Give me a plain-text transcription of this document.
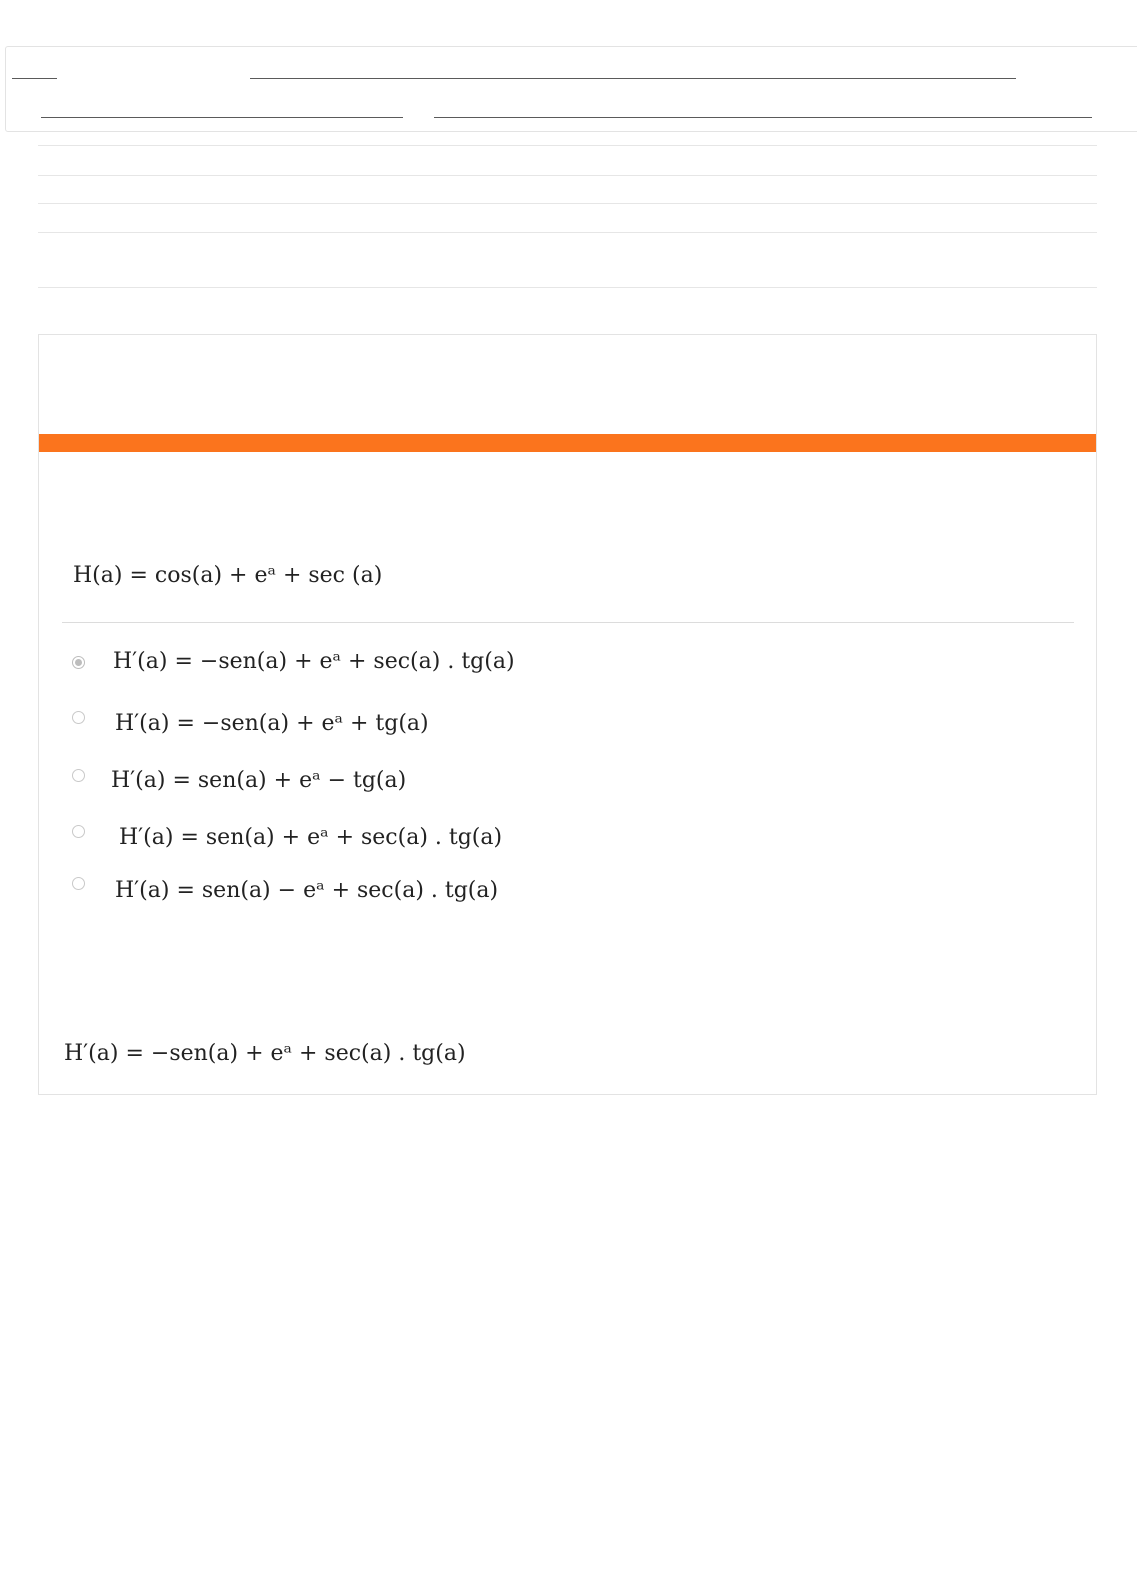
H(a) = cos(a) + eᵃ + sec (a)
H′(a) = −sen(a) + eᵃ + sec(a) . tg(a)
H′(a) = −sen(a) + eᵃ + tg(a)
H′(a) = sen(a) + eᵃ − tg(a)
H′(a) = sen(a) + eᵃ + sec(a) . tg(a)
H′(a) = sen(a) − eᵃ + sec(a) . tg(a)
H′(a) = −sen(a) + eᵃ + sec(a) . tg(a)
